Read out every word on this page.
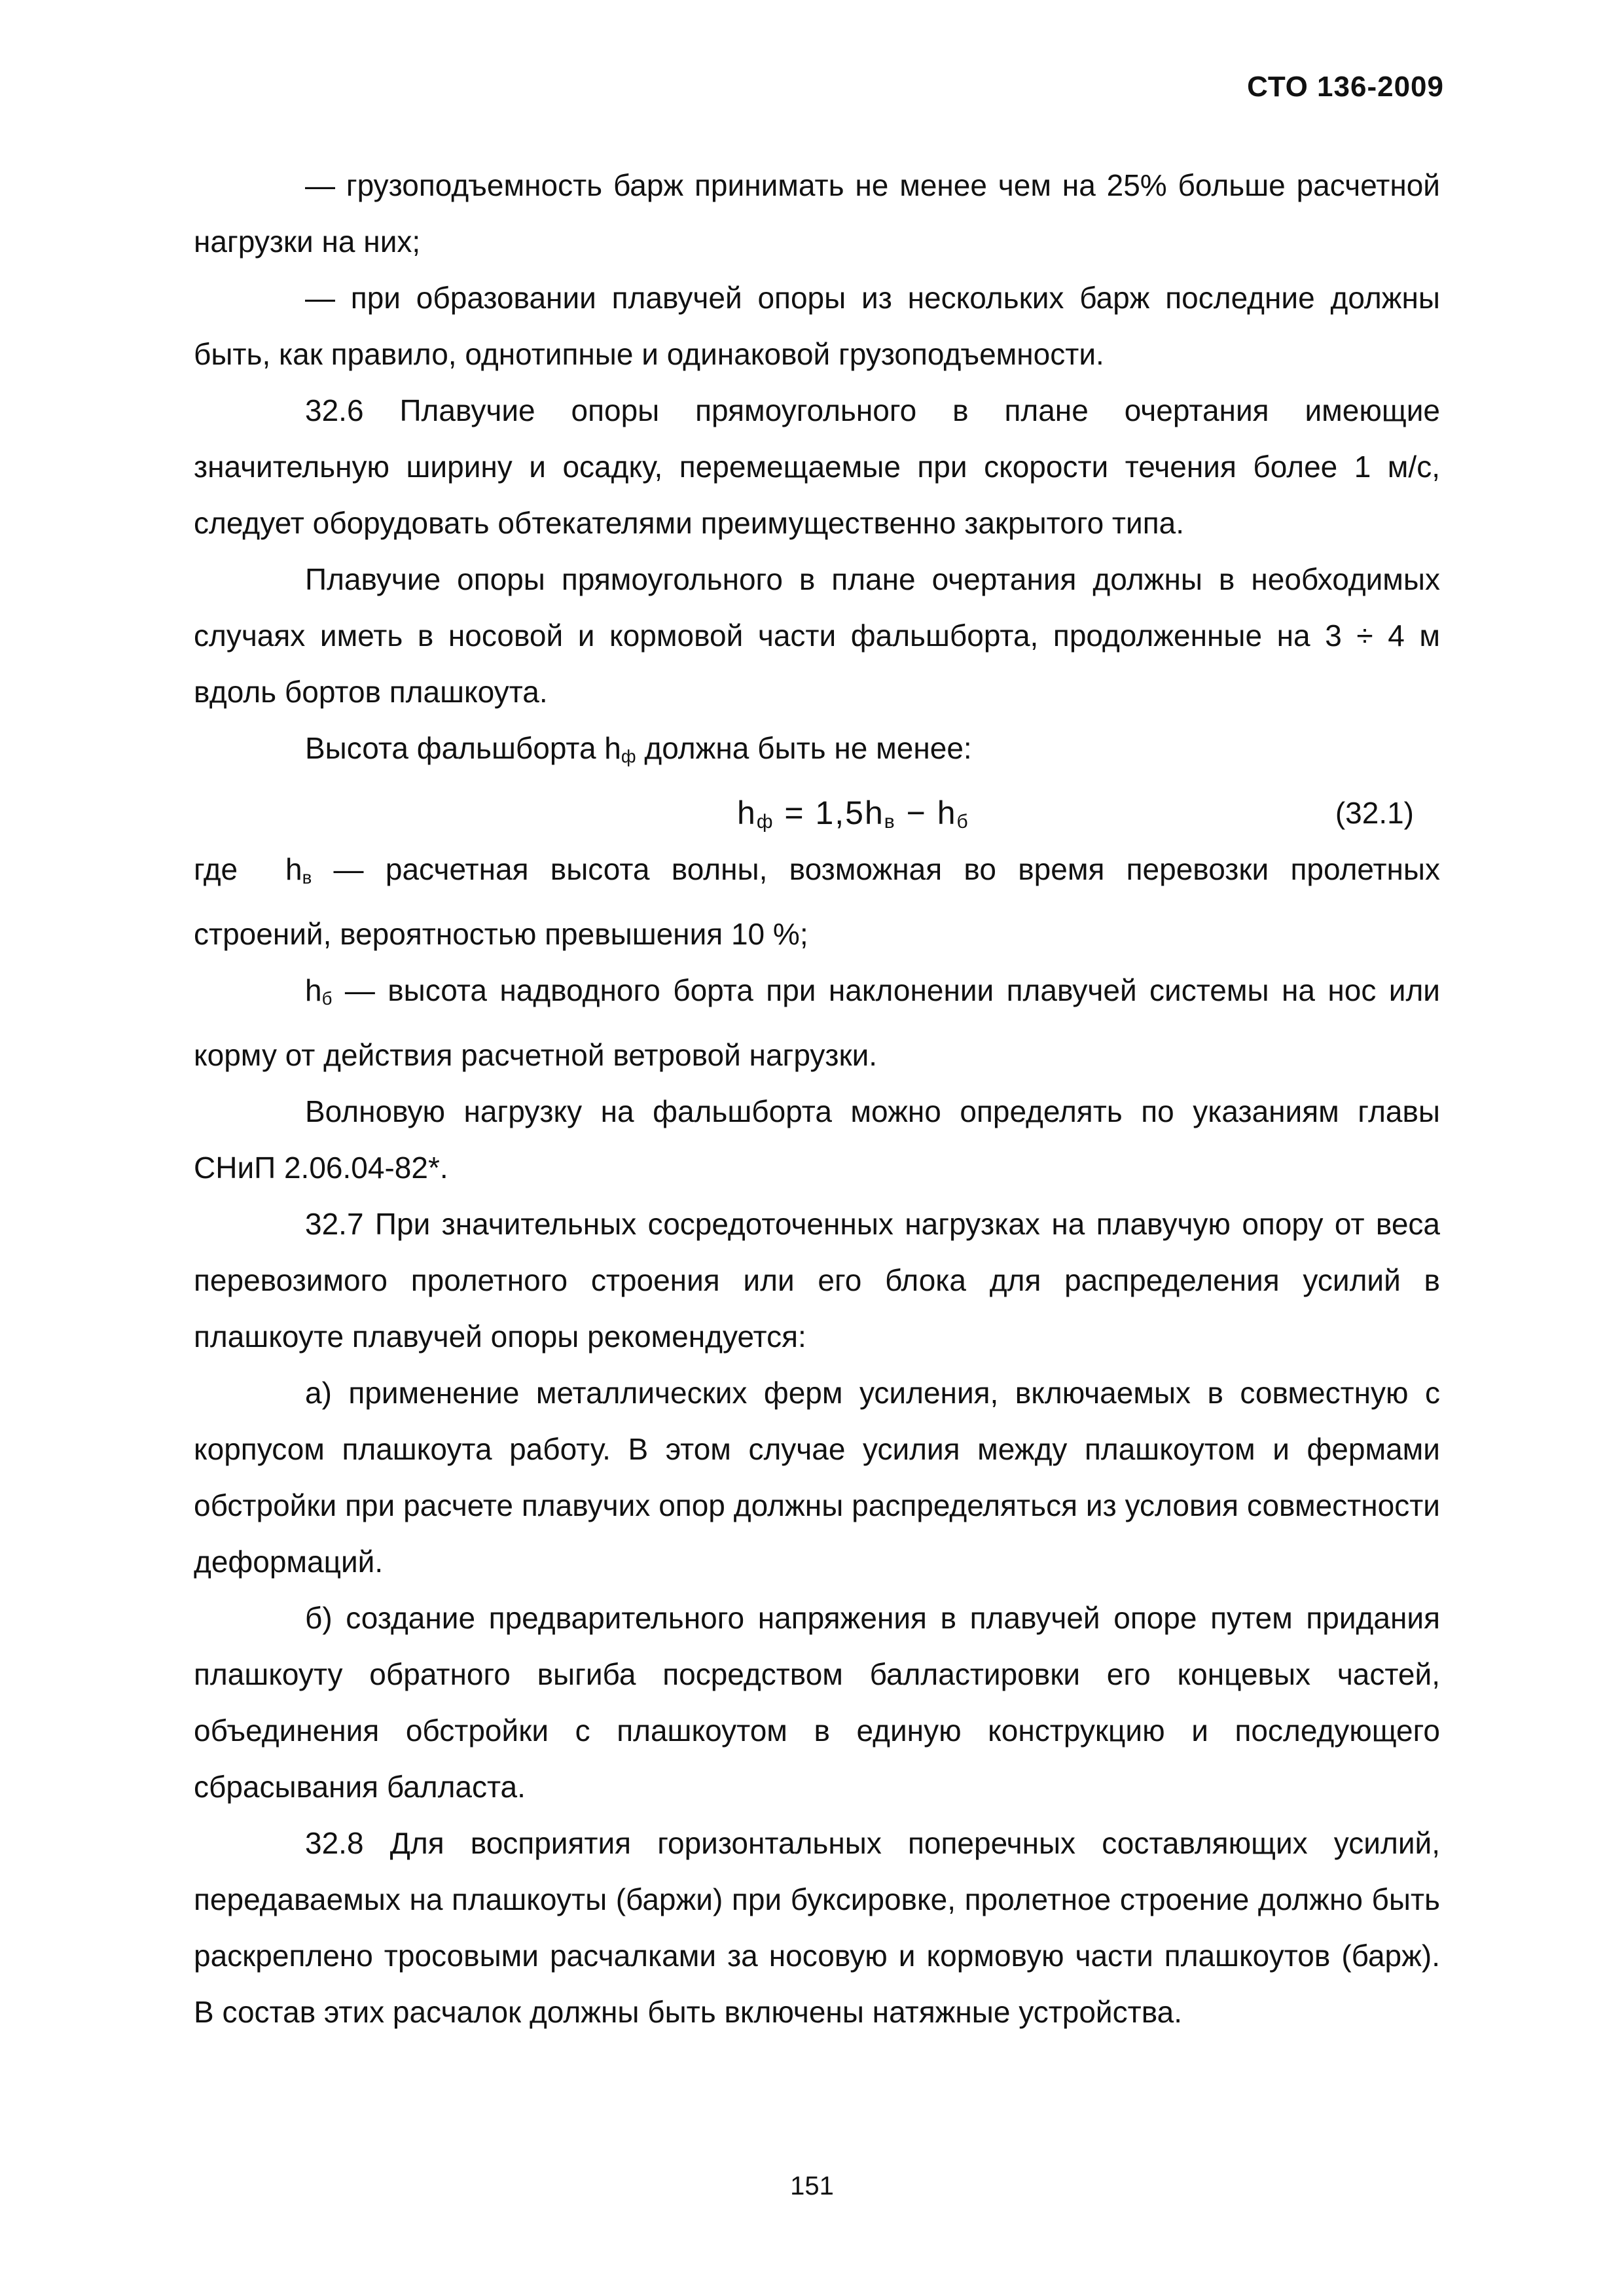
СТО 136-2009

— грузоподъемность барж принимать не менее чем на 25% больше расчетной нагрузки на них;

— при образовании плавучей опоры из нескольких барж последние должны быть, как правило, однотипные и одинаковой грузоподъемности.

32.6 Плавучие опоры прямоугольного в плане очертания имеющие значительную ширину и осадку, перемещаемые при скорости течения более 1 м/с, следует оборудовать обтекателями преимущественно закрытого типа.

Плавучие опоры прямоугольного в плане очертания должны в необходимых случаях иметь в носовой и кормовой части фальшборта, продолженные на 3 ÷ 4 м вдоль бортов плашкоута.

Высота фальшборта $h_ф$ должна быть не менее:

$h_ф = 1,5h_в - h_б$	(32.1)

где $h_в$ — расчетная высота волны, возможная во время перевозки пролетных строений, вероятностью превышения 10 %;

$h_б$ — высота надводного борта при наклонении плавучей системы на нос или корму от действия расчетной ветровой нагрузки.

Волновую нагрузку на фальшборта можно определять по указаниям главы СНиП 2.06.04-82*.

32.7 При значительных сосредоточенных нагрузках на плавучую опору от веса перевозимого пролетного строения или его блока для распределения усилий в плашкоуте плавучей опоры рекомендуется:

а) применение металлических ферм усиления, включаемых в совместную с корпусом плашкоута работу. В этом случае усилия между плашкоутом и фермами обстройки при расчете плавучих опор должны распределяться из условия совместности деформаций.

б) создание предварительного напряжения в плавучей опоре путем придания плашкоуту обратного выгиба посредством балластировки его концевых частей, объединения обстройки с плашкоутом в единую конструкцию и последующего сбрасывания балласта.

32.8 Для восприятия горизонтальных поперечных составляющих усилий, передаваемых на плашкоуты (баржи) при буксировке, пролетное строение должно быть раскреплено тросовыми расчалками за носовую и кормовую части плашкоутов (барж). В состав этих расчалок должны быть включены натяжные устройства.

151
